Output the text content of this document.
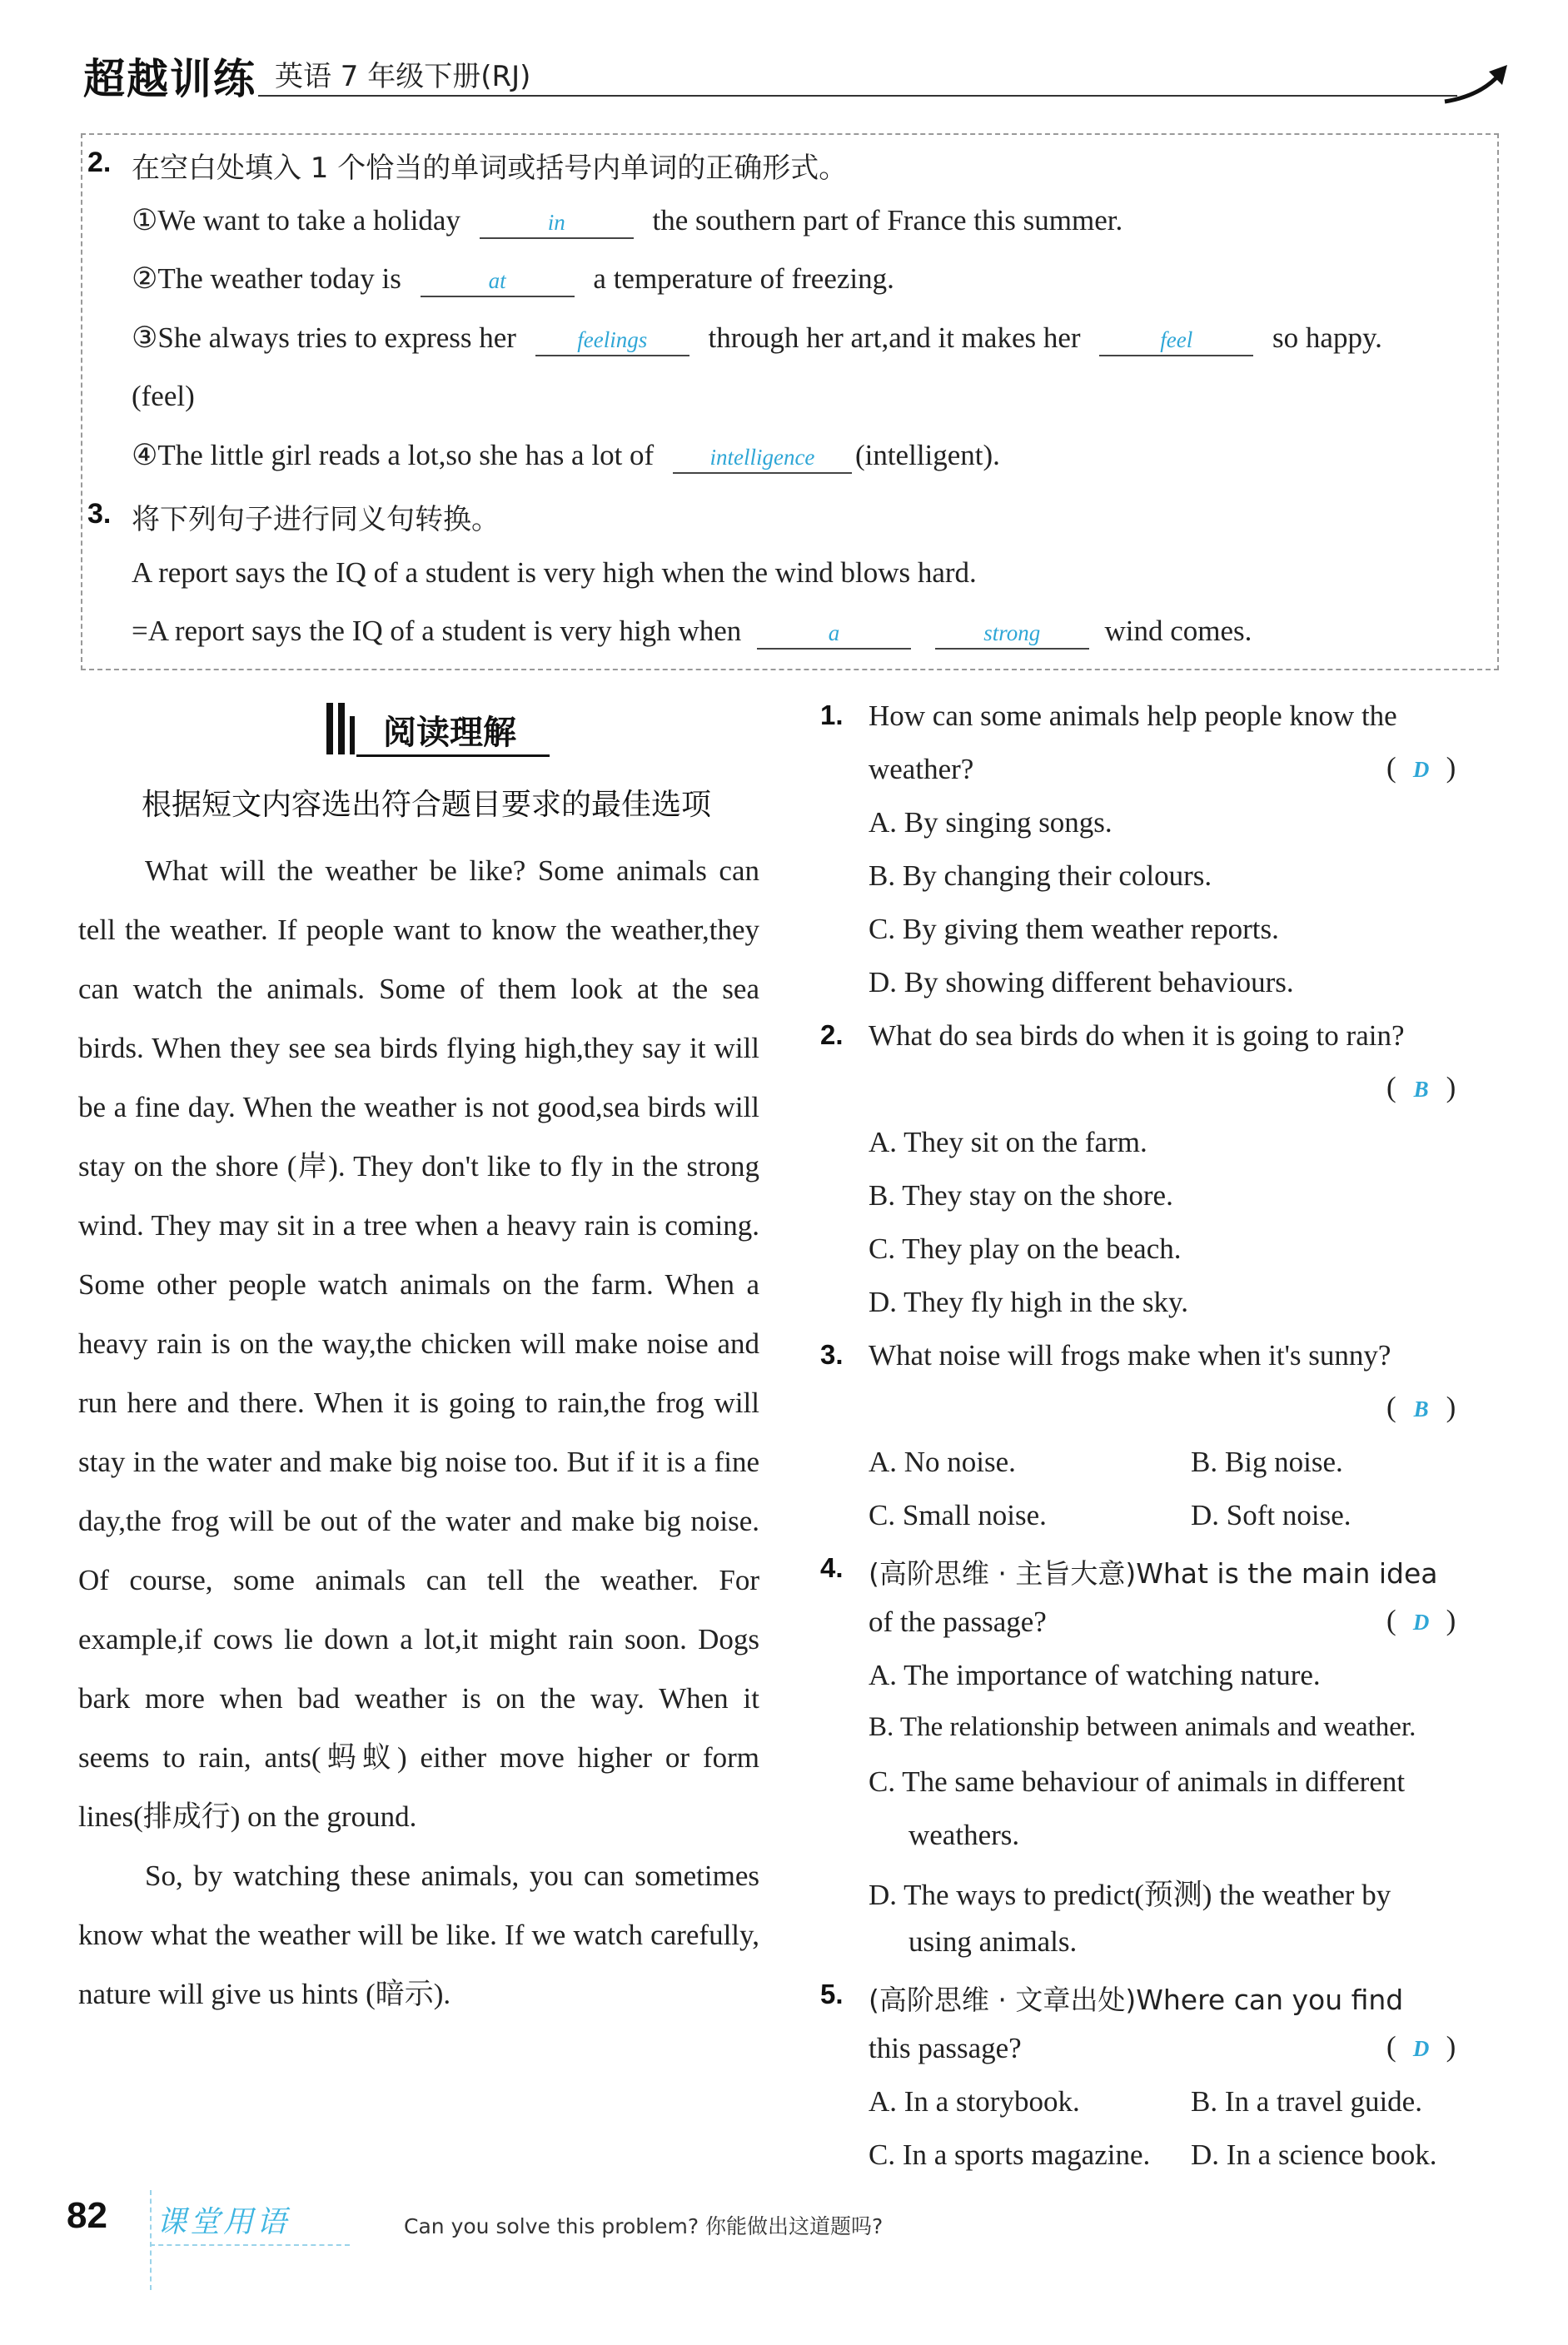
超越训练 英语 7 年级下册(RJ)
2. 在空白处填入 1 个恰当的单词或括号内单词的正确形式。
①We want to take a holiday	in	the southern part of France this summer.
②The weather today is	at	a temperature of freezing.
③She always tries to express her	feelings through her art,and it makes her	feel	so happy.
(feel)
④The little girl reads a lot,so she has a lot of intelligence (intelligent).
3. 将下列句子进行同义句转换。
A report says the IQ of a student is very high when the wind blows hard.
=A report says the IQ of a student is very high when	a	strong wind comes.
阅读理解
根据短文内容选出符合题目要求的最佳选项

What will the weather be like? Some animals can tell the weather. If people want to know the weather,they can watch the animals. Some of them look at the sea birds. When they see sea birds flying high,they say it will be a fine day. When the weather is not good,sea birds will stay on the shore (岸). They don't like to fly in the strong wind. They may sit in a tree when a heavy rain is coming. Some other people watch animals on the farm. When a heavy rain is on the way,the chicken will make noise and run here and there. When it is going to rain,the frog will stay in the water and make big noise too. But if it is a fine day,the frog will be out of the water and make big noise. Of course, some animals can tell the weather. For example,if cows lie down a lot,it might rain soon. Dogs bark more when bad weather is on the way. When it seems to rain, ants(蚂蚁) either move higher or form lines(排成行) on the ground.

So, by watching these animals, you can sometimes know what the weather will be like. If we watch carefully, nature will give us hints (暗示).

1. How can some animals help people know the
weather?	( D )
A. By singing songs.
B. By changing their colours.
C. By giving them weather reports.
D. By showing different behaviours.
2. What do sea birds do when it is going to rain?
( B )
A. They sit on the farm.
B. They stay on the shore.
C. They play on the beach.
D. They fly high in the sky.
3. What noise will frogs make when it's sunny?
( B )
A. No noise.	B. Big noise.
C. Small noise.	D. Soft noise.
4. (高阶思维 · 主旨大意)What is the main idea
of the passage?	( D )
A. The importance of watching nature.
B. The relationship between animals and weather.
C. The same behaviour of animals in different
weathers.
D. The ways to predict(预测) the weather by
using animals.
5. (高阶思维 · 文章出处)Where can you find
this passage?	( D )
A. In a storybook.	B. In a travel guide.
C. In a sports magazine. D. In a science book.
82 课堂用语	Can you solve this problem? 你能做出这道题吗?
